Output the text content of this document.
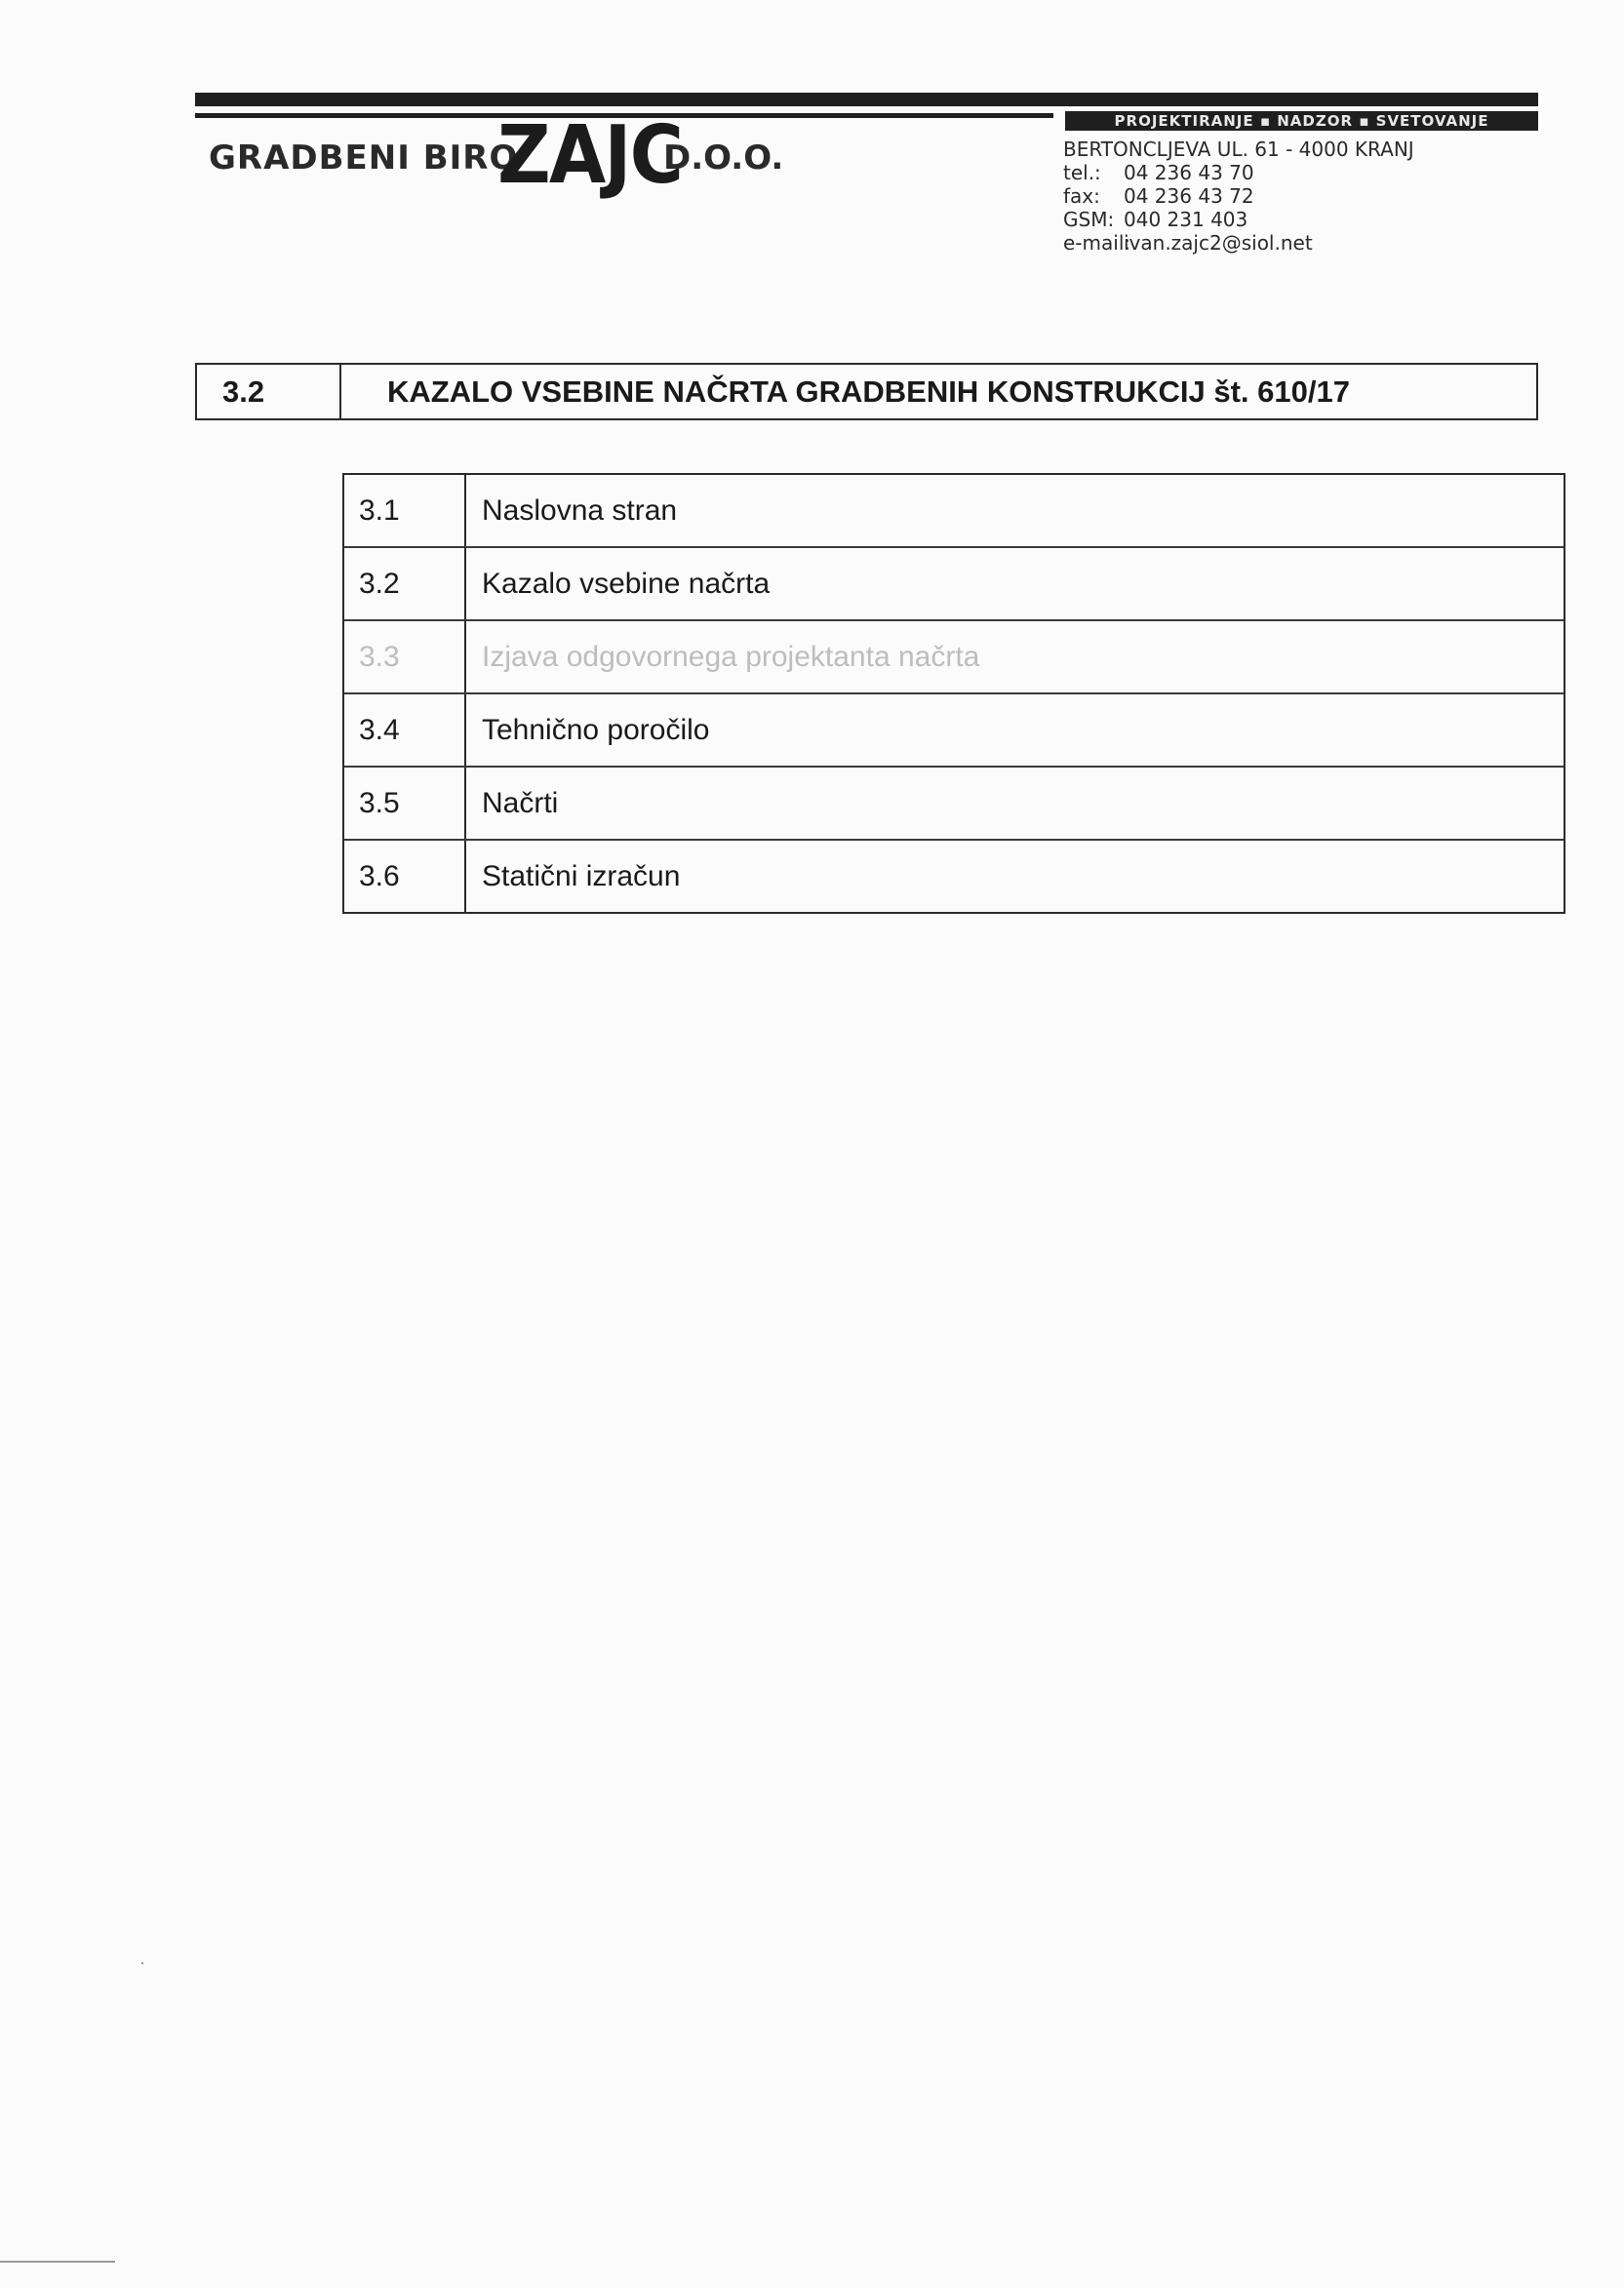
PROJEKTIRANJE ▪ NADZOR ▪ SVETOVANJE
GRADBENI BIRO
ZAJC
D.O.O.	BERTONCLJEVA UL. 61 - 4000 KRANJ
tel.: 04 236 43 70
fax: 04 236 43 72
GSM: 040 231 403
e-mail:ivan.zajc2@siol.net
3.2	KAZALO VSEBINE NAČRTA GRADBENIH KONSTRUKCIJ št. 610/17
3.1	Naslovna stran
3.2	Kazalo vsebine načrta
3.3	Izjava odgovornega projektanta načrta
3.4	Tehnično poročilo
3.5	Načrti
3.6	Statični izračun
